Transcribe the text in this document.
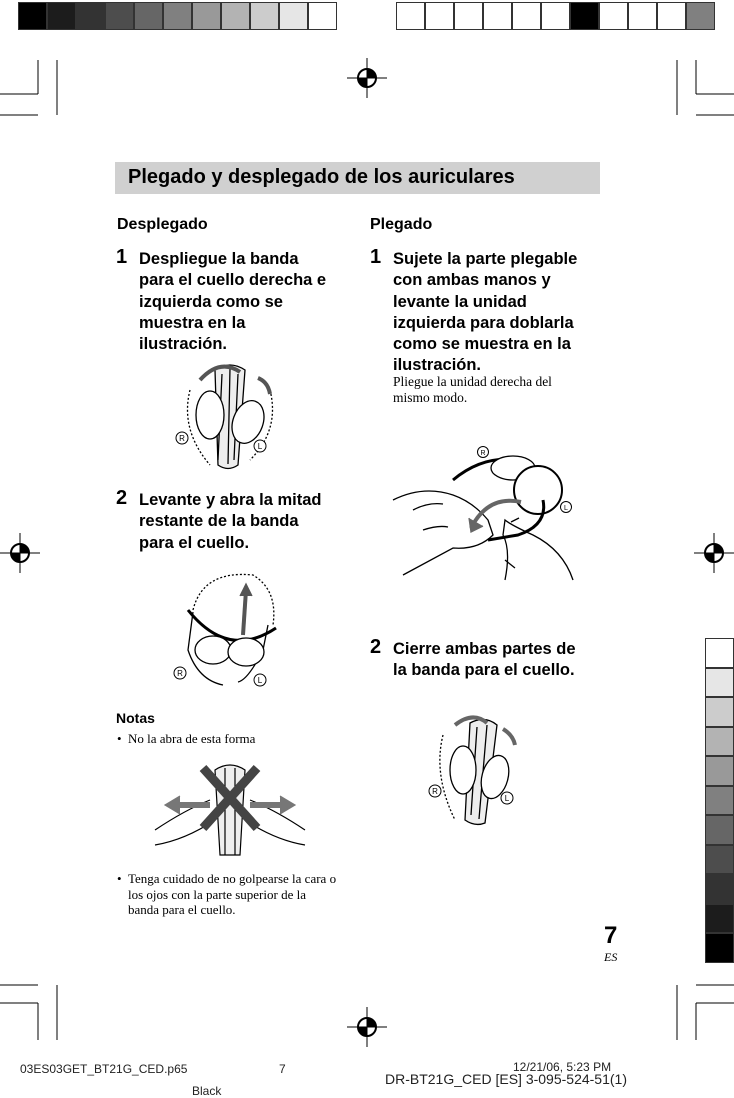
Plegado y desplegado de los auriculares
Desplegado
1 Despliegue la banda
para el cuello derecha e
izquierda como se
muestra en la
ilustración.
R
L
2 Levante y abra la mitad
restante de la banda
para el cuello.
R
L
Notas
• No la abra de esta forma
• Tenga cuidado de no golpearse la cara o
los ojos con la parte superior de la
banda para el cuello.
Plegado
1 Sujete la parte plegable
con ambas manos y
levante la unidad
izquierda para doblarla
como se muestra en la
ilustración.
Pliegue la unidad derecha del
mismo modo.
R
L
2 Cierre ambas partes de
la banda para el cuello.
R
L
7
ES
03ES03GET_BT21G_CED.p65	7	12/21/06, 5:23 PM
DR-BT21G_CED [ES] 3-095-524-51(1)
Black
